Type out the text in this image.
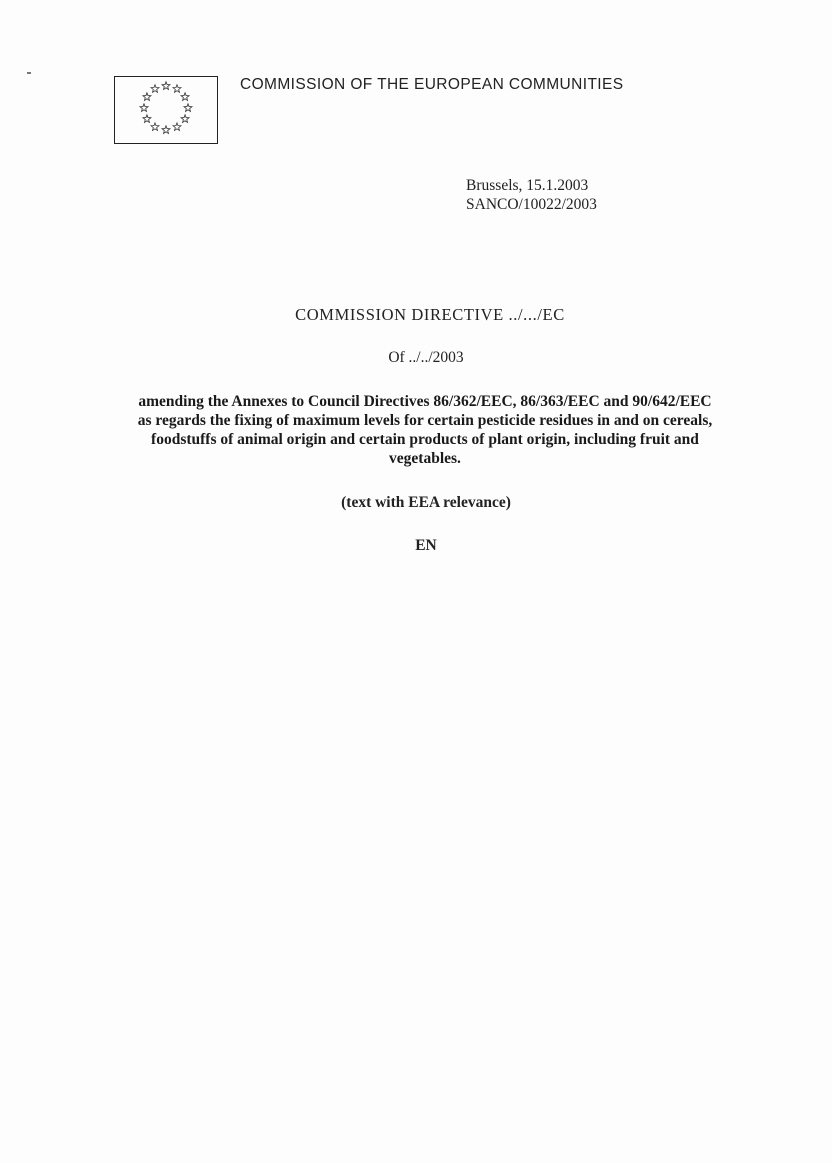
COMMISSION OF THE EUROPEAN COMMUNITIES
Brussels, 15.1.2003
SANCO/10022/2003
COMMISSION DIRECTIVE ../.../EC
Of ../../2003
amending the Annexes to Council Directives 86/362/EEC, 86/363/EEC and 90/642/EEC
as regards the fixing of maximum levels for certain pesticide residues in and on cereals,
foodstuffs of animal origin and certain products of plant origin, including fruit and
vegetables.
(text with EEA relevance)
EN
